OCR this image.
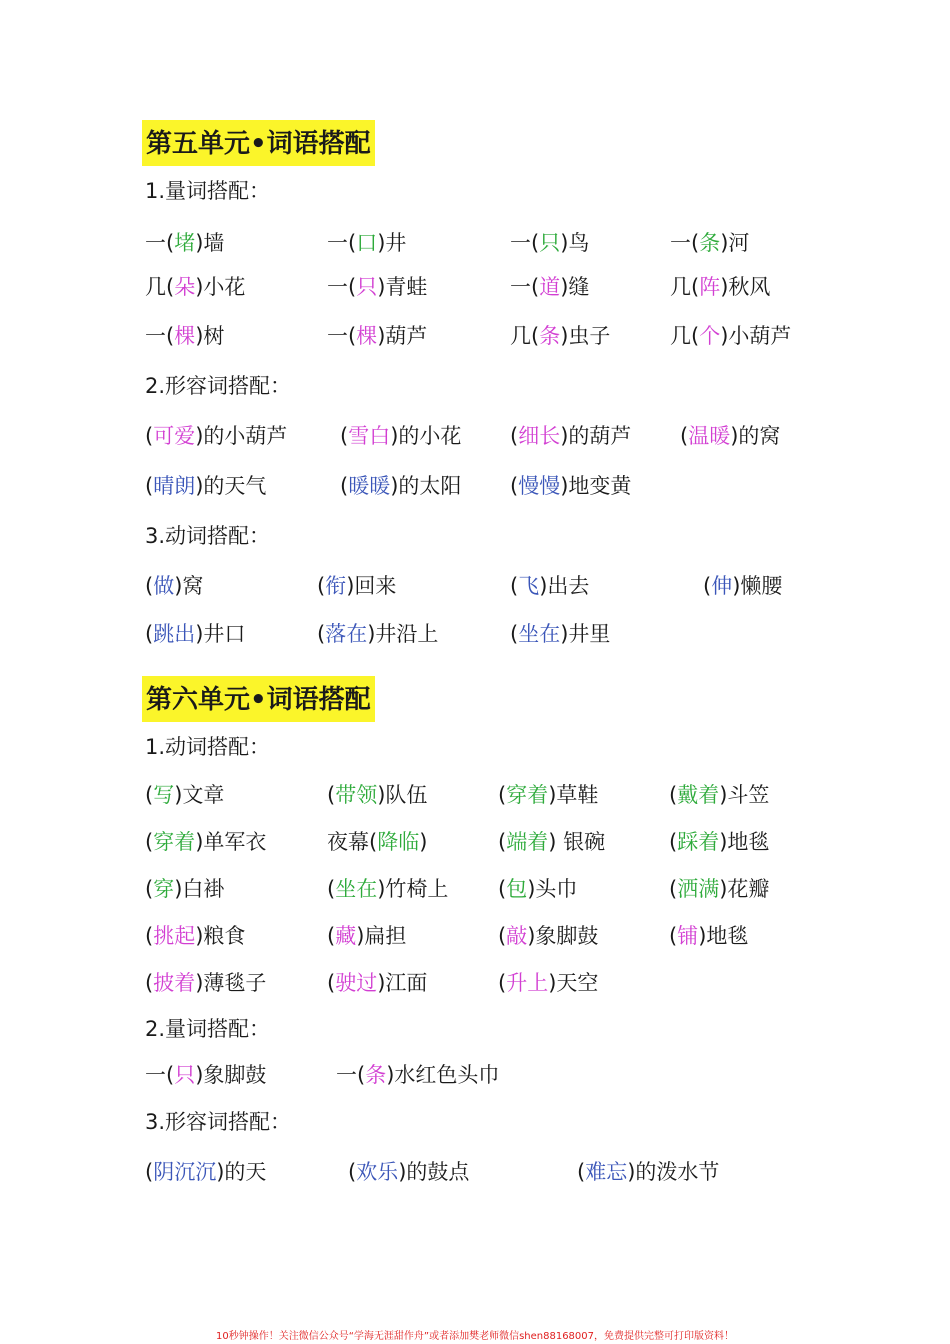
第五单元•词语搭配
1.量词搭配：
2.形容词搭配：
3.动词搭配：
第六单元•词语搭配
1.动词搭配：
2.量词搭配：
3.形容词搭配：
一(堵)墙	一(口)井	一(只)鸟	一(条)河
几(朵)小花	一(只)青蛙	一(道)缝	几(阵)秋风
一(棵)树	一(棵)葫芦	几(条)虫子	几(个)小葫芦
(可爱)的小葫芦	(雪白)的小花 (细长)的葫芦 (温暖)的窝
(晴朗)的天气	(暖暖)的太阳 (慢慢)地变黄
(做)窝	(衔)回来	(飞)出去	(伸)懒腰
(跳出)井口	(落在)井沿上	(坐在)井里
(写)文章	(带领)队伍	(穿着)草鞋	(戴着)斗笠
(穿着)单军衣	夜幕(降临)	(端着) 银碗	(踩着)地毯
(穿)白褂	(坐在)竹椅上 (包)头巾	(洒满)花瓣
(挑起)粮食	(藏)扁担	(敲)象脚鼓	(铺)地毯
(披着)薄毯子	(驶过)江面	(升上)天空
一(只)象脚鼓	一(条)水红色头巾
(阴沉沉)的天	(欢乐)的鼓点	(难忘)的泼水节
10秒钟操作！关注微信公众号“学海无涯甜作舟”或者添加樊老师微信shen88168007，免费提供完整可打印版资料！
